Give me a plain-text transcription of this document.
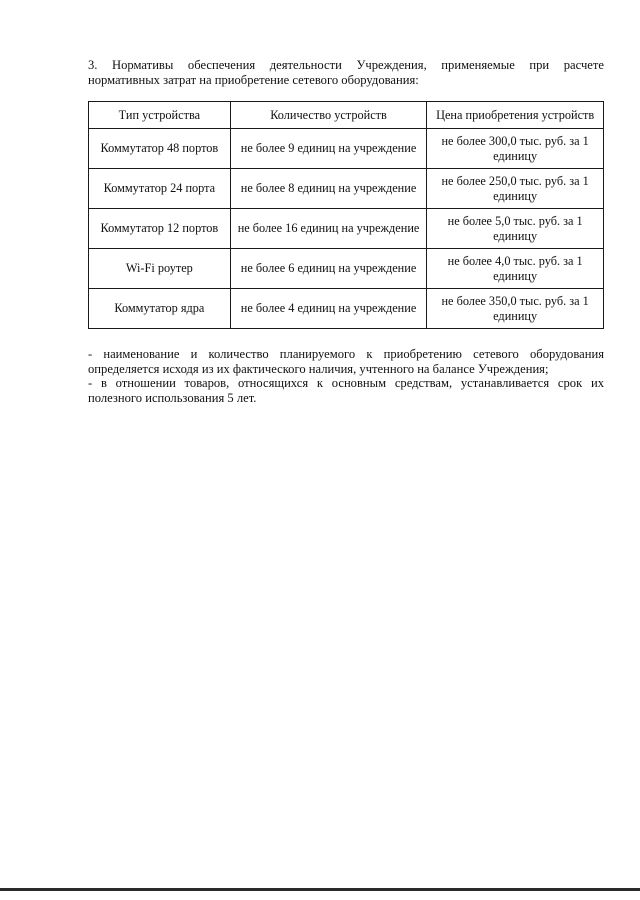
3. Нормативы обеспечения деятельности Учреждения, применяемые при расчете
нормативных затрат на приобретение сетевого оборудования:
Тип устройства	Количество устройств	Цена приобретения устройств
Коммутатор 48 портов	не более 9 единиц на учреждение	не более 300,0 тыс. руб. за 1 единицу
Коммутатор 24 порта	не более 8 единиц на учреждение	не более 250,0 тыс. руб. за 1 единицу
Коммутатор 12 портов	не более 16 единиц на учреждение	не более 5,0 тыс. руб. за 1 единицу
Wi-Fi роутер	не более 6 единиц на учреждение	не более 4,0 тыс. руб. за 1 единицу
Коммутатор ядра	не более 4 единиц на учреждение	не более 350,0 тыс. руб. за 1 единицу

- наименование и количество планируемого к приобретению сетевого оборудования определяется исходя из их фактического наличия, учтенного на балансе Учреждения;

- в отношении товаров, относящихся к основным средствам, устанавливается срок их полезного использования 5 лет.
